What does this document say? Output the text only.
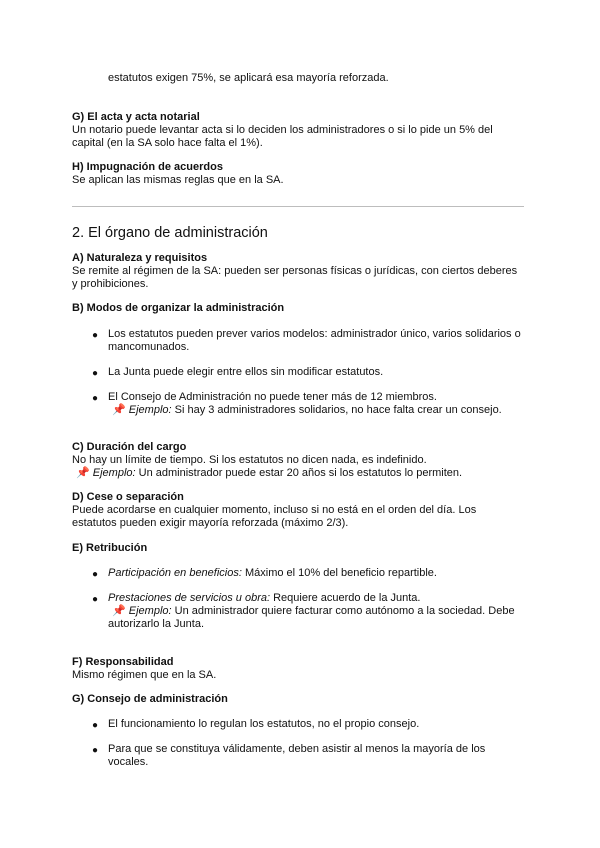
estatutos exigen 75%, se aplicará esa mayoría reforzada.
G) El acta y acta notarial
Un notario puede levantar acta si lo deciden los administradores o si lo pide un 5% del capital (en la SA solo hace falta el 1%).
H) Impugnación de acuerdos
Se aplican las mismas reglas que en la SA.
2. El órgano de administración
A) Naturaleza y requisitos
Se remite al régimen de la SA: pueden ser personas físicas o jurídicas, con ciertos deberes y prohibiciones.
B) Modos de organizar la administración
● Los estatutos pueden prever varios modelos: administrador único, varios solidarios o mancomunados.
● La Junta puede elegir entre ellos sin modificar estatutos.
● El Consejo de Administración no puede tener más de 12 miembros.
📌 Ejemplo: Si hay 3 administradores solidarios, no hace falta crear un consejo.
C) Duración del cargo
No hay un límite de tiempo. Si los estatutos no dicen nada, es indefinido.
📌 Ejemplo: Un administrador puede estar 20 años si los estatutos lo permiten.
D) Cese o separación
Puede acordarse en cualquier momento, incluso si no está en el orden del día. Los estatutos pueden exigir mayoría reforzada (máximo 2/3).
E) Retribución
● Participación en beneficios: Máximo el 10% del beneficio repartible.
● Prestaciones de servicios u obra: Requiere acuerdo de la Junta.
📌 Ejemplo: Un administrador quiere facturar como autónomo a la sociedad. Debe autorizarlo la Junta.
F) Responsabilidad
Mismo régimen que en la SA.
G) Consejo de administración
● El funcionamiento lo regulan los estatutos, no el propio consejo.
● Para que se constituya válidamente, deben asistir al menos la mayoría de los vocales.
